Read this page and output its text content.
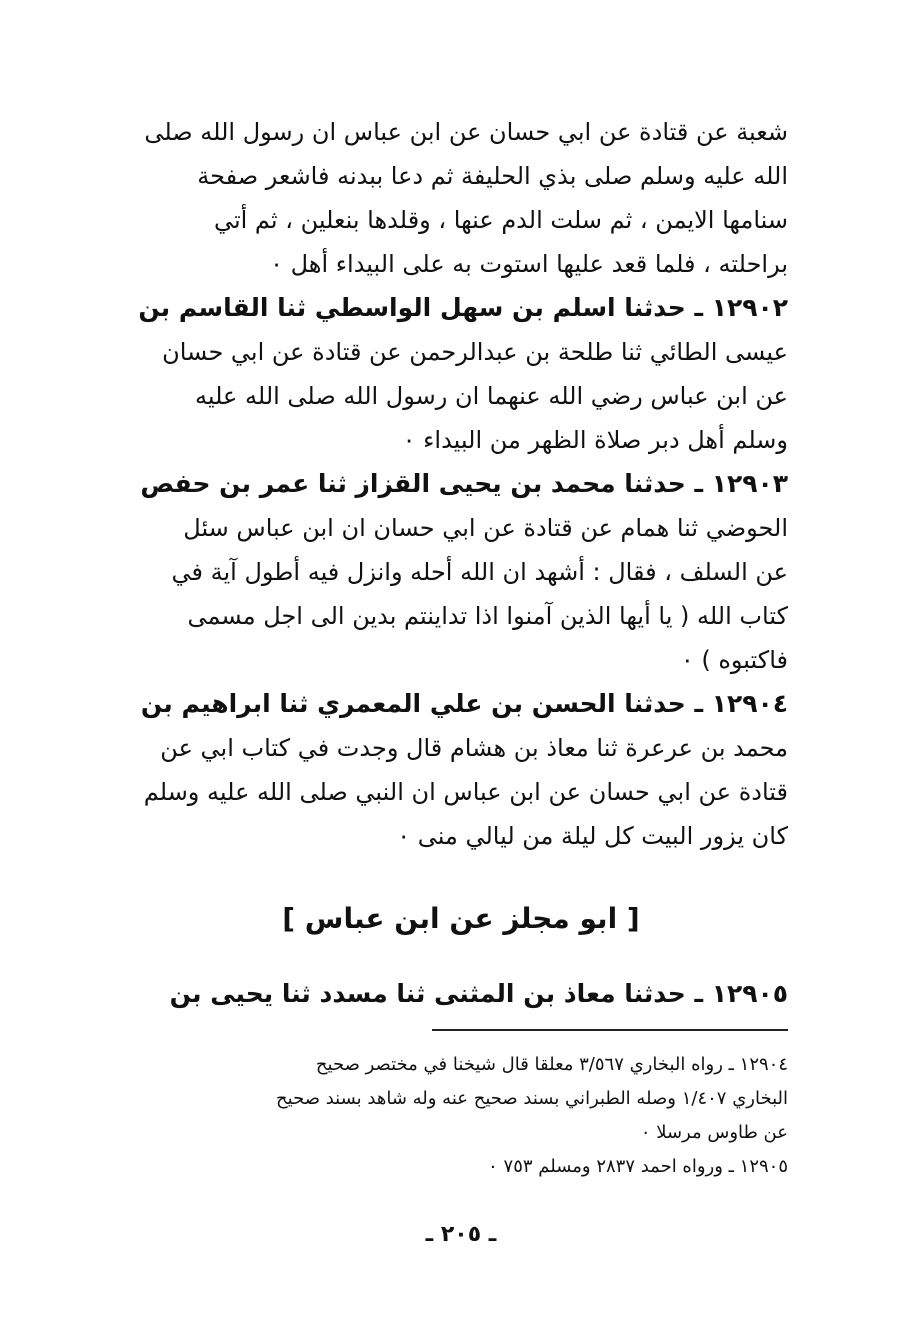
شعبة عن قتادة عن ابي حسان عن ابن عباس ان رسول الله صلى
الله عليه وسلم صلى بذي الحليفة ثم دعا ببدنه فاشعر صفحة
سنامها الايمن ، ثم سلت الدم عنها ، وقلدها بنعلين ، ثم أتي
براحلته ، فلما قعد عليها استوت به على البيداء أهل ٠
١٢٩٠٢ ـ حدثنا اسلم بن سهل الواسطي ثنا القاسم بن
عيسى الطائي ثنا طلحة بن عبدالرحمن عن قتادة عن ابي حسان
عن ابن عباس رضي الله عنهما ان رسول الله صلى الله عليه
وسلم أهل دبر صلاة الظهر من البيداء ٠
١٢٩٠٣ ـ حدثنا محمد بن يحيى القزاز ثنا عمر بن حفص
الحوضي ثنا همام عن قتادة عن ابي حسان ان ابن عباس سئل
عن السلف ، فقال : أشهد ان الله أحله وانزل فيه أطول آية في
كتاب الله ( يا أيها الذين آمنوا اذا تداينتم بدين الى اجل مسمى
فاكتبوه ) ٠
١٢٩٠٤ ـ حدثنا الحسن بن علي المعمري ثنا ابراهيم بن
محمد بن عرعرة ثنا معاذ بن هشام قال وجدت في كتاب ابي عن
قتادة عن ابي حسان عن ابن عباس ان النبي صلى الله عليه وسلم
كان يزور البيت كل ليلة من ليالي منى ٠
[ ابو مجلز عن ابن عباس ]
١٢٩٠٥ ـ حدثنا معاذ بن المثنى ثنا مسدد ثنا يحيى بن
١٢٩٠٤ ـ رواه البخاري ٣/٥٦٧ معلقا قال شيخنا في مختصر صحيح
البخاري ١/٤٠٧ وصله الطبراني بسند صحيح عنه وله شاهد بسند صحيح
عن طاوس مرسلا ٠
١٢٩٠٥ ـ ورواه احمد ٢٨٣٧ ومسلم ٧٥٣ ٠
ـ ٢٠٥ ـ
